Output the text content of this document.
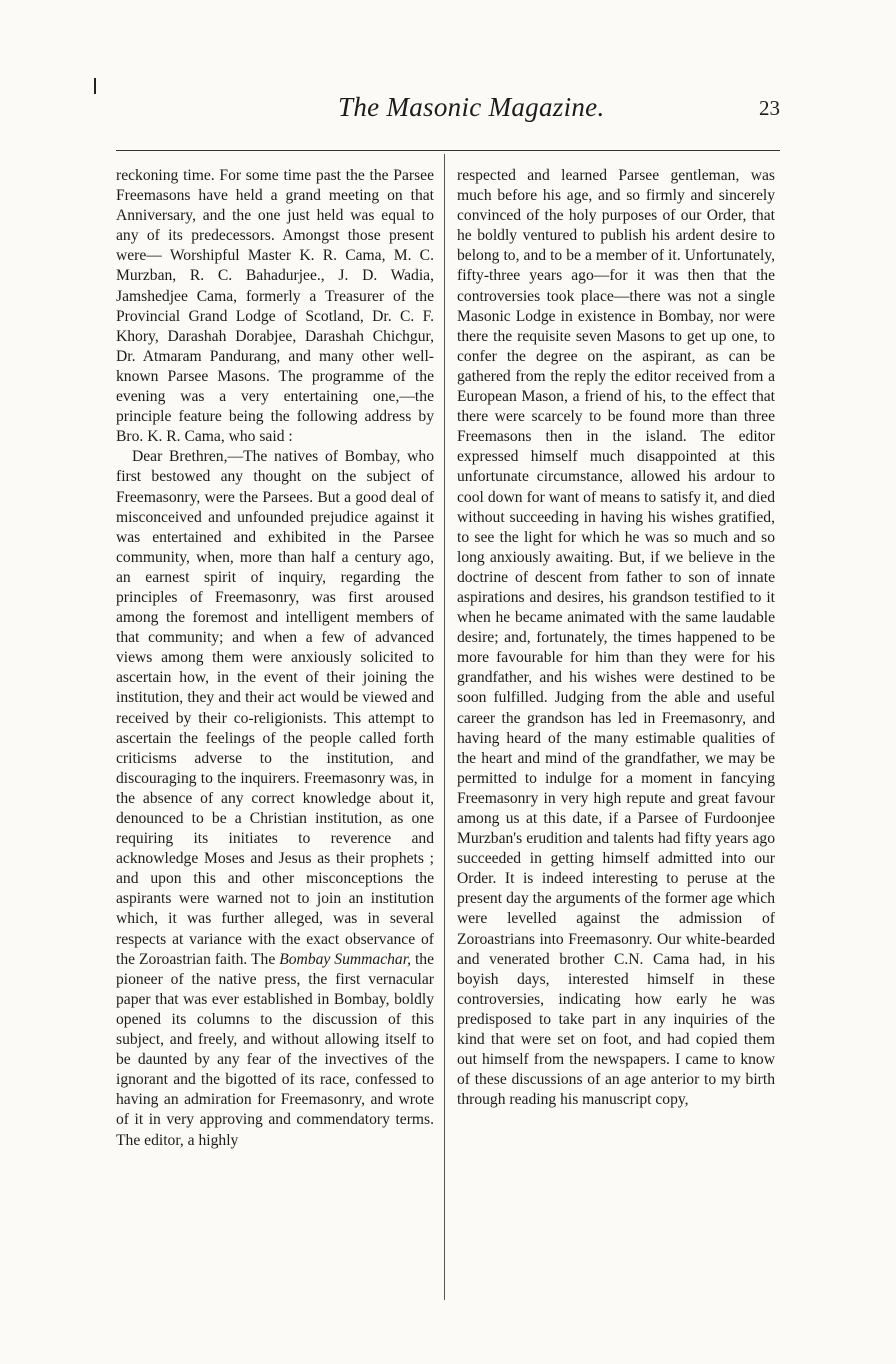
The Masonic Magazine.	23

reckoning time. For some time past the the Parsee Freemasons have held a grand meeting on that Anniversary, and the one just held was equal to any of its predecessors. Amongst those present were— Worshipful Master K. R. Cama, M. C. Murzban, R. C. Bahadurjee., J. D. Wadia, Jamshedjee Cama, formerly a Treasurer of the Provincial Grand Lodge of Scotland, Dr. C. F. Khory, Darashah Dorabjee, Darashah Chichgur, Dr. Atmaram Pandurang, and many other well-known Parsee Masons. The programme of the evening was a very entertaining one,—the principle feature being the following address by Bro. K. R. Cama, who said :

Dear Brethren,—The natives of Bombay, who first bestowed any thought on the subject of Freemasonry, were the Parsees. But a good deal of misconceived and unfounded prejudice against it was entertained and exhibited in the Parsee community, when, more than half a century ago, an earnest spirit of inquiry, regarding the principles of Freemasonry, was first aroused among the foremost and intelligent members of that community; and when a few of advanced views among them were anxiously solicited to ascertain how, in the event of their joining the institution, they and their act would be viewed and received by their co-religionists. This attempt to ascertain the feelings of the people called forth criticisms adverse to the institution, and discouraging to the inquirers. Freemasonry was, in the absence of any correct knowledge about it, denounced to be a Christian institution, as one requiring its initiates to reverence and acknowledge Moses and Jesus as their prophets ; and upon this and other misconceptions the aspirants were warned not to join an institution which, it was further alleged, was in several respects at variance with the exact observance of the Zoroastrian faith. The Bombay Summachar, the pioneer of the native press, the first vernacular paper that was ever established in Bombay, boldly opened its columns to the discussion of this subject, and freely, and without allowing itself to be daunted by any fear of the invectives of the ignorant and the bigotted of its race, confessed to having an admiration for Freemasonry, and wrote of it in very approving and commendatory terms. The editor, a highly

respected and learned Parsee gentleman, was much before his age, and so firmly and sincerely convinced of the holy purposes of our Order, that he boldly ventured to publish his ardent desire to belong to, and to be a member of it. Unfortunately, fifty-three years ago—for it was then that the controversies took place—there was not a single Masonic Lodge in existence in Bombay, nor were there the requisite seven Masons to get up one, to confer the degree on the aspirant, as can be gathered from the reply the editor received from a European Mason, a friend of his, to the effect that there were scarcely to be found more than three Freemasons then in the island. The editor expressed himself much disappointed at this unfortunate circumstance, allowed his ardour to cool down for want of means to satisfy it, and died without succeeding in having his wishes gratified, to see the light for which he was so much and so long anxiously awaiting. But, if we believe in the doctrine of descent from father to son of innate aspirations and desires, his grandson testified to it when he became animated with the same laudable desire; and, fortunately, the times happened to be more favourable for him than they were for his grandfather, and his wishes were destined to be soon fulfilled. Judging from the able and useful career the grandson has led in Freemasonry, and having heard of the many estimable qualities of the heart and mind of the grandfather, we may be permitted to indulge for a moment in fancying Freemasonry in very high repute and great favour among us at this date, if a Parsee of Furdoonjee Murzban's erudition and talents had fifty years ago succeeded in getting himself admitted into our Order. It is indeed interesting to peruse at the present day the arguments of the former age which were levelled against the admission of Zoroastrians into Freemasonry. Our white-bearded and venerated brother C.N. Cama had, in his boyish days, interested himself in these controversies, indicating how early he was predisposed to take part in any inquiries of the kind that were set on foot, and had copied them out himself from the newspapers. I came to know of these discussions of an age anterior to my birth through reading his manuscript copy,
